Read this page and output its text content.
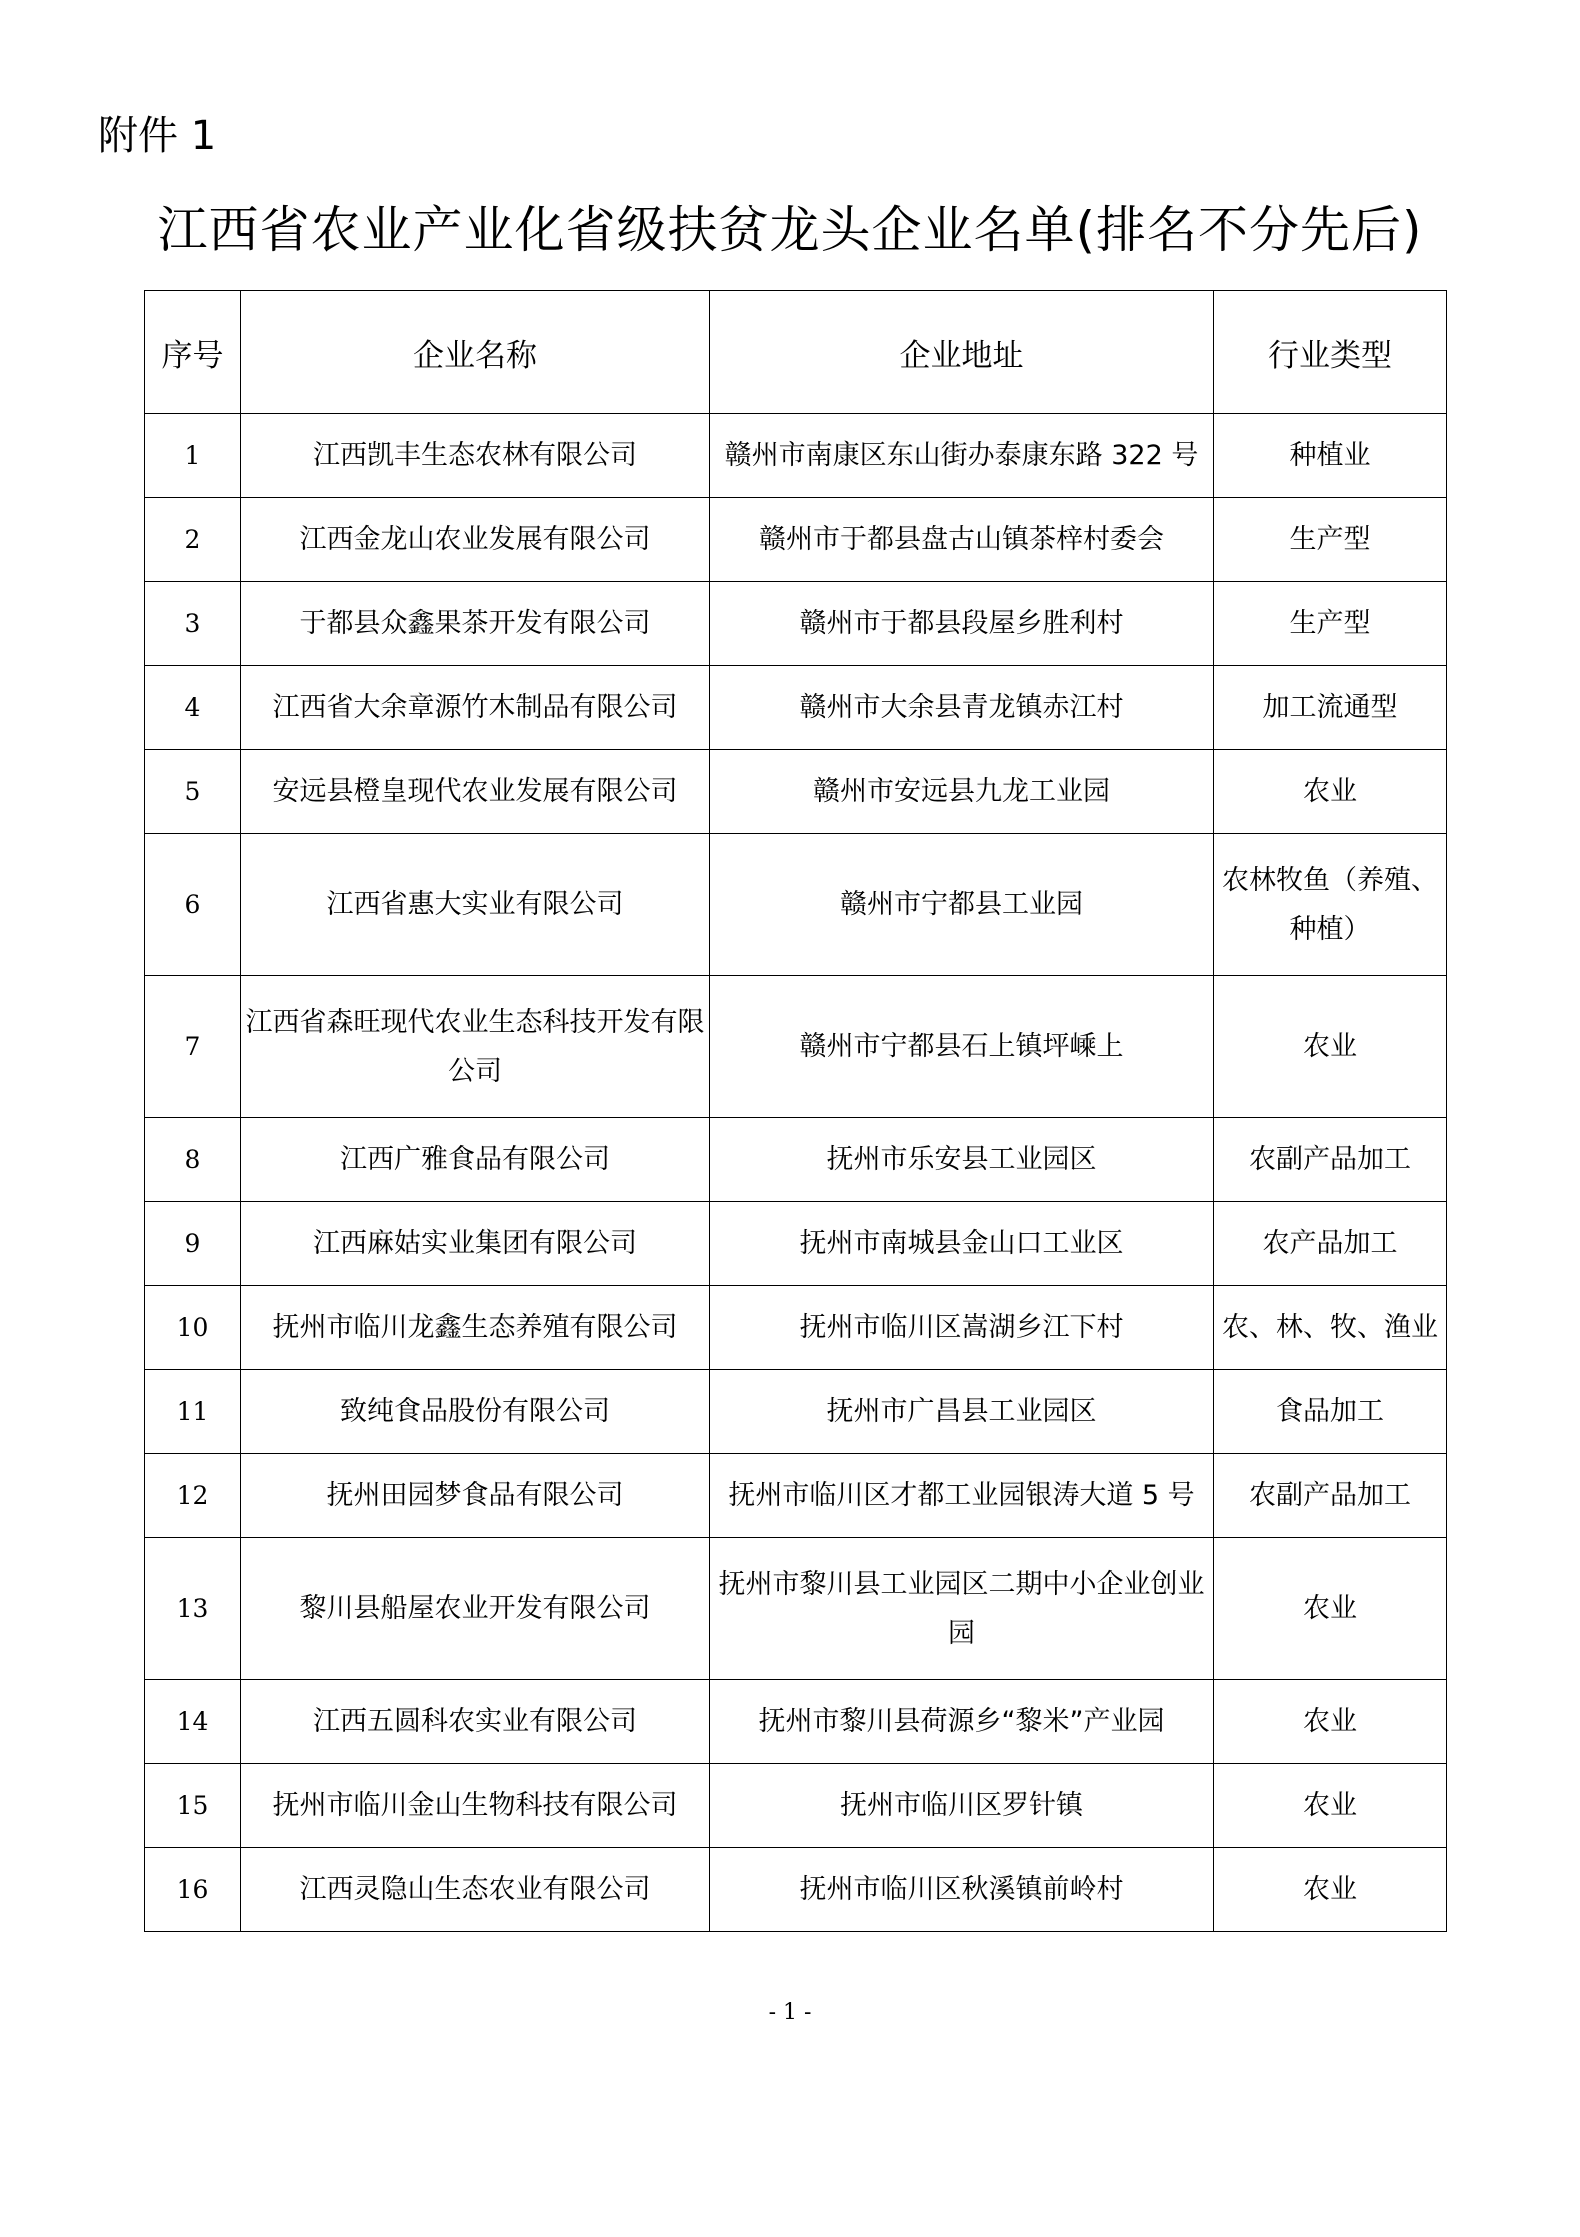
附件 1
江西省农业产业化省级扶贫龙头企业名单(排名不分先后)
序号	企业名称	企业地址	行业类型
1	江西凯丰生态农林有限公司	赣州市南康区东山街办泰康东路 322 号	种植业
2	江西金龙山农业发展有限公司	赣州市于都县盘古山镇茶梓村委会	生产型
3	于都县众鑫果茶开发有限公司	赣州市于都县段屋乡胜利村	生产型
4	江西省大余章源竹木制品有限公司	赣州市大余县青龙镇赤江村	加工流通型
5	安远县橙皇现代农业发展有限公司	赣州市安远县九龙工业园	农业
6	江西省惠大实业有限公司	赣州市宁都县工业园	农林牧鱼（养殖、种植）
7	江西省森旺现代农业生态科技开发有限公司	赣州市宁都县石上镇坪嵊上	农业
8	江西广雅食品有限公司	抚州市乐安县工业园区	农副产品加工
9	江西麻姑实业集团有限公司	抚州市南城县金山口工业区	农产品加工
10	抚州市临川龙鑫生态养殖有限公司	抚州市临川区嵩湖乡江下村	农、林、牧、渔业
11	致纯食品股份有限公司	抚州市广昌县工业园区	食品加工
12	抚州田园梦食品有限公司	抚州市临川区才都工业园银涛大道 5 号	农副产品加工
13	黎川县船屋农业开发有限公司	抚州市黎川县工业园区二期中小企业创业园	农业
14	江西五圆科农实业有限公司	抚州市黎川县荷源乡“黎米”产业园	农业
15	抚州市临川金山生物科技有限公司	抚州市临川区罗针镇	农业
16	江西灵隐山生态农业有限公司	抚州市临川区秋溪镇前岭村	农业
- 1 -
